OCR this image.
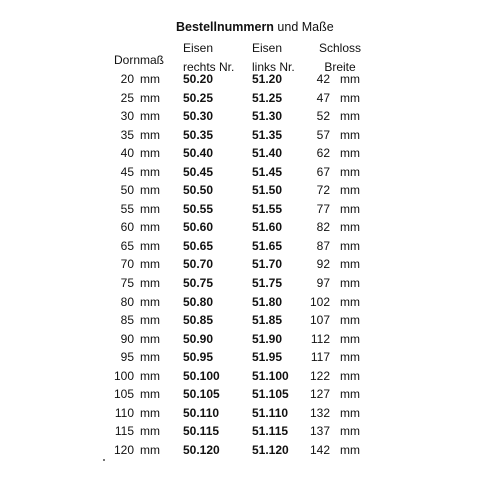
Bestellnummern und Maße
Dornmaß
Eisen
rechts Nr.
Eisen
links Nr.
Schloss
Breite
20 mm 50.20	51.20	42 mm
25 mm 50.25	51.25	47 mm
30 mm 50.30	51.30	52 mm
35 mm 50.35	51.35	57 mm
40 mm 50.40	51.40	62 mm
45 mm 50.45	51.45	67 mm
50 mm 50.50	51.50	72 mm
55 mm 50.55	51.55	77 mm
60 mm 50.60	51.60	82 mm
65 mm 50.65	51.65	87 mm
70 mm 50.70	51.70	92 mm
75 mm 50.75	51.75	97 mm
80 mm 50.80	51.80	102 mm
85 mm 50.85	51.85	107 mm
90 mm 50.90	51.90	112 mm
95 mm 50.95	51.95	117 mm
100 mm 50.100	51.100	122 mm
105 mm 50.105	51.105	127 mm
110 mm 50.110	51.110	132 mm
115 mm 50.115	51.115	137 mm
120 mm 50.120	51.120	142 mm
